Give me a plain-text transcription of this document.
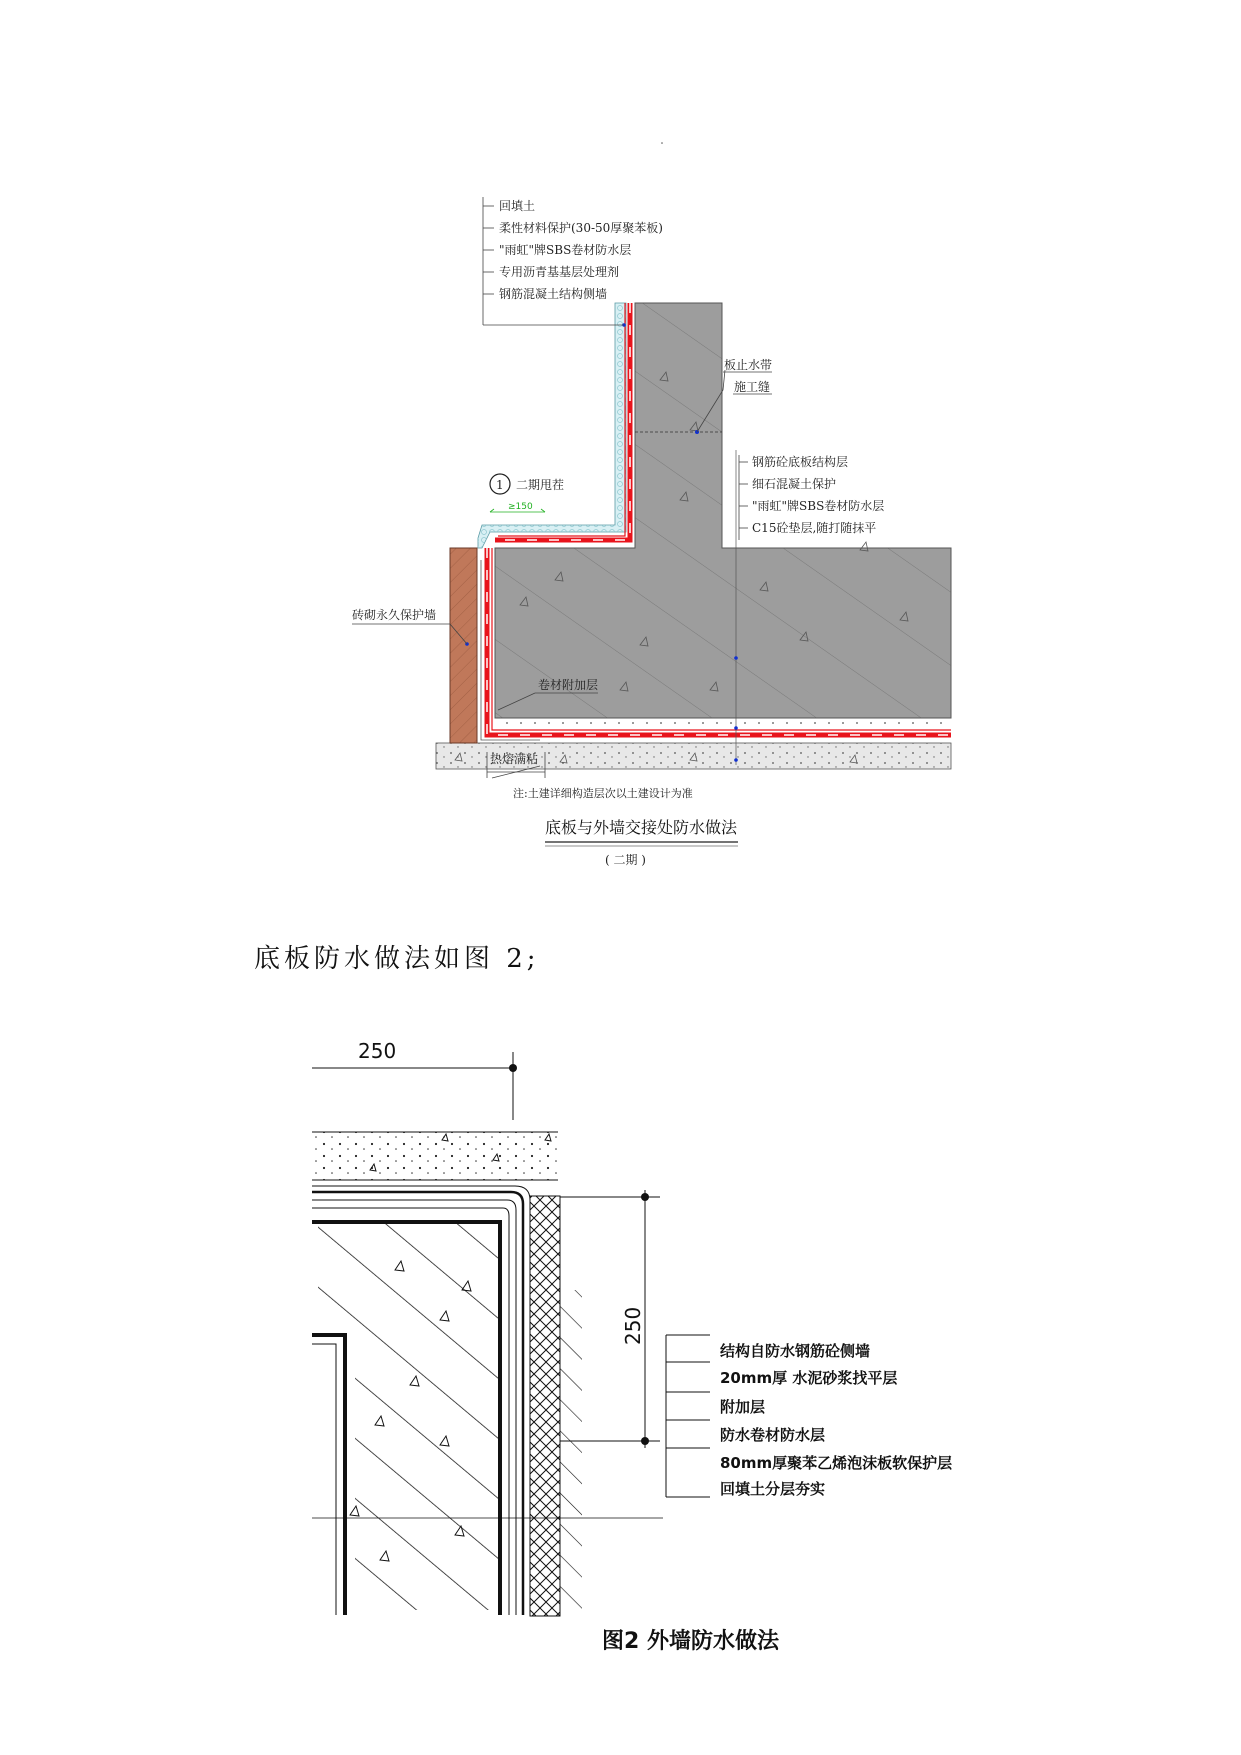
回填土
柔性材料保护(30-50厚聚苯板)
"雨虹"牌SBS卷材防水层
专用沥青基基层处理剂
钢筋混凝土结构侧墙
板止水带
施工缝
钢筋砼底板结构层
细石混凝土保护
"雨虹"牌SBS卷材防水层
C15砼垫层,随打随抹平
1 二期甩茬
≥150
砖砌永久保护墙
卷材附加层
热熔满粘
注:土建详细构造层次以土建设计为准
底板与外墙交接处防水做法
( 二期 )
底板防水做法如图 2;
250
250
结构自防水钢筋砼侧墙
20mm厚 水泥砂浆找平层
附加层
防水卷材防水层
80mm厚聚苯乙烯泡沫板软保护层
回填土分层夯实
图2 外墙防水做法
